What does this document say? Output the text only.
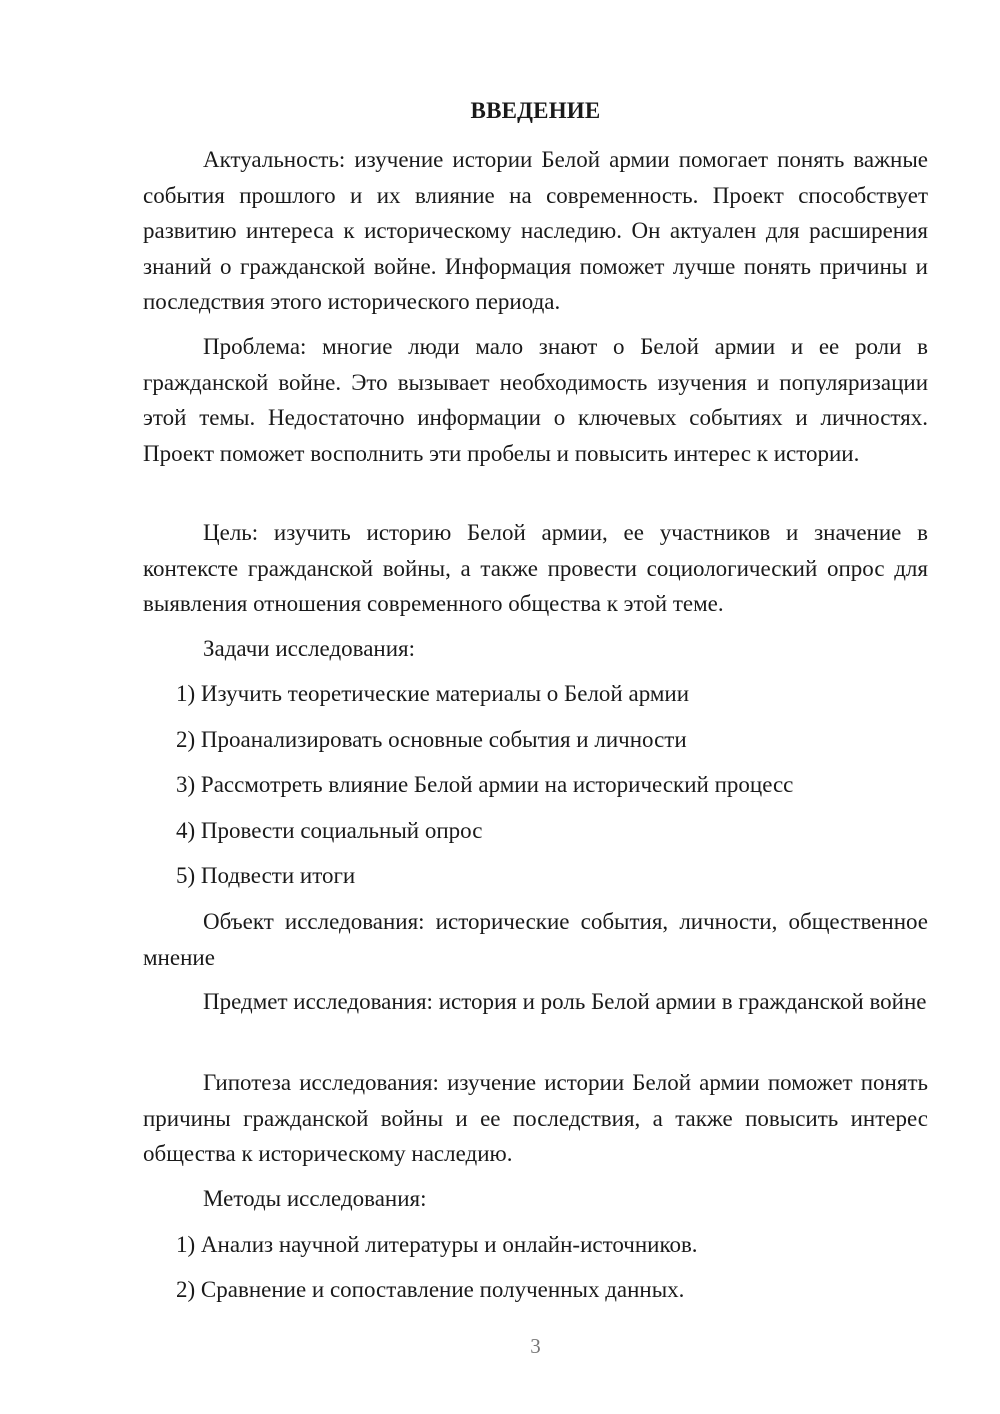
ВВЕДЕНИЕ

Актуальность: изучение истории Белой армии помогает понять важные события прошлого и их влияние на современность. Проект способствует развитию интереса к историческому наследию. Он актуален для расширения знаний о гражданской войне. Информация поможет лучше понять причины и последствия этого исторического периода.

Проблема: многие люди мало знают о Белой армии и ее роли в гражданской войне. Это вызывает необходимость изучения и популяризации этой темы. Недостаточно информации о ключевых событиях и личностях. Проект поможет восполнить эти пробелы и повысить интерес к истории.

Цель: изучить историю Белой армии, ее участников и значение в контексте гражданской войны, а также провести социологический опрос для выявления отношения современного общества к этой теме.

Задачи исследования:
1) Изучить теоретические материалы о Белой армии
2) Проанализировать основные события и личности
3) Рассмотреть влияние Белой армии на исторический процесс
4) Провести социальный опрос
5) Подвести итоги

Объект исследования: исторические события, личности, общественное мнение

Предмет исследования: история и роль Белой армии в гражданской войне

Гипотеза исследования: изучение истории Белой армии поможет понять причины гражданской войны и ее последствия, а также повысить интерес общества к историческому наследию.

Методы исследования:
1) Анализ научной литературы и онлайн-источников.
2) Сравнение и сопоставление полученных данных.
3
